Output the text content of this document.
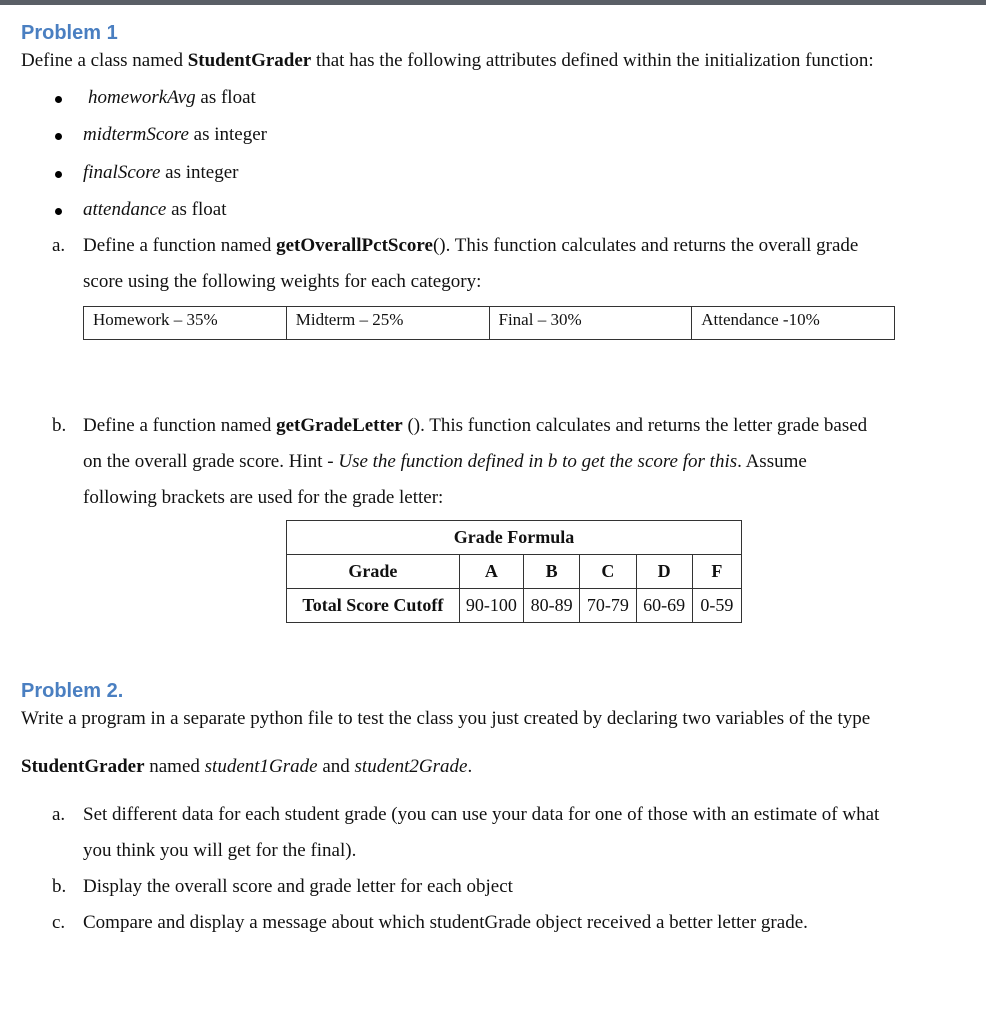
Problem 1
Define a class named StudentGrader that has the following attributes defined within the initialization function:
homeworkAvg as float
midtermScore as integer
finalScore as integer
attendance as float
a. Define a function named getOverallPctScore(). This function calculates and returns the overall grade
score using the following weights for each category:
Homework – 35%	Midterm – 25%	Final – 30%	Attendance -10%
b. Define a function named getGradeLetter (). This function calculates and returns the letter grade based
on the overall grade score. Hint - Use the function defined in b to get the score for this. Assume
following brackets are used for the grade letter:
Grade Formula					
Grade	A	B	C	D	F
Total Score Cutoff	90-100	80-89	70-79	60-69	0-59
Problem 2.
Write a program in a separate python file to test the class you just created by declaring two variables of the type
StudentGrader named student1Grade and student2Grade.
a. Set different data for each student grade (you can use your data for one of those with an estimate of what
you think you will get for the final).
b. Display the overall score and grade letter for each object
c. Compare and display a message about which studentGrade object received a better letter grade.
